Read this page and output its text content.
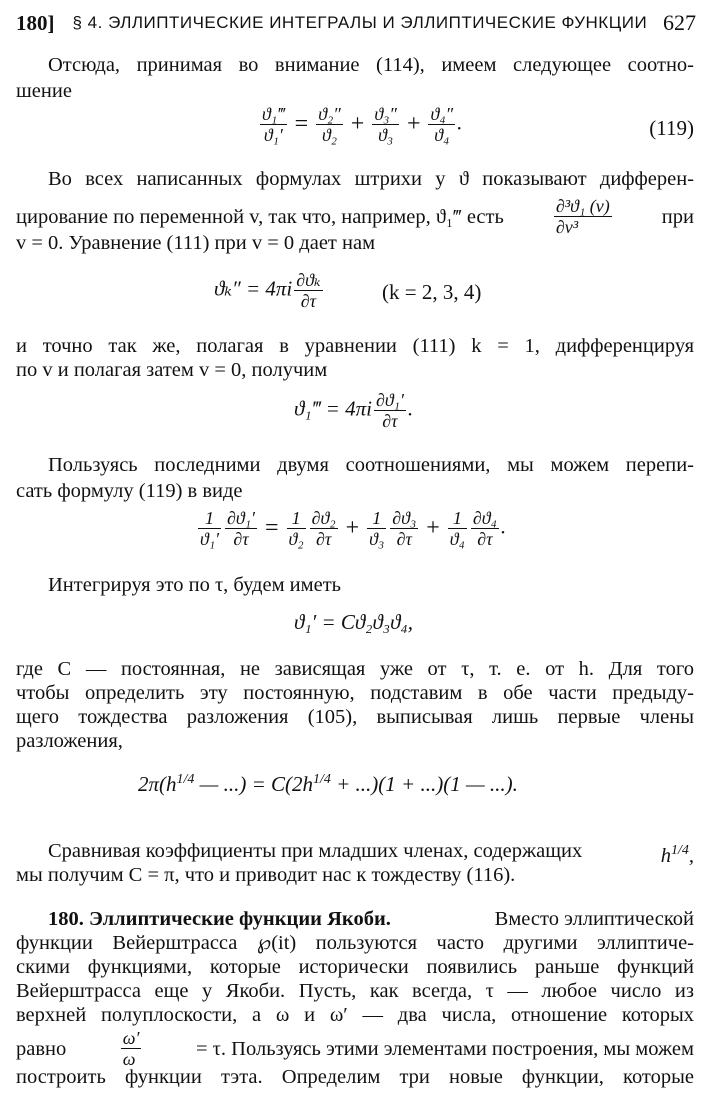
180] § 4. ЭЛЛИПТИЧЕСКИЕ ИНТЕГРАЛЫ И ЭЛЛИПТИЧЕСКИЕ ФУНКЦИИ 627
Отсюда, принимая во внимание (114), имеем следующее соотно-
шение
$\frac{\text{ϑ₁‴}}{\text{ϑ₁′}} = \frac{\text{ϑ₂″}}{\text{ϑ₂}} + \frac{\text{ϑ₃″}}{\text{ϑ₃}} + \frac{\text{ϑ₄″}}{\text{ϑ₄}}$ .	(119)
Во всех написанных формулах штрихи у ϑ показывают дифферен-
цирование по переменной v, так что, например, ϑ₁‴ есть	$\frac{\text{∂³ϑ₁ (v)}}{\text{∂v³}}$ при
v = 0. Уравнение (111) при v = 0 дает нам
$ϑ_k'' = 4\pi i \frac{\text{∂ϑₖ}}{\partial\tau}$	(k = 2, 3, 4)
и точно так же, полагая в уравнении (111) k = 1, дифференцируя
по v и полагая затем v = 0, получим
ϑ₁‴ = $4\pi i \frac{\text{∂ϑ₁′}}{\partial\tau}$ .
Пользуясь последними двумя соотношениями, мы можем перепи-
сать формулу (119) в виде
$\frac{1}{\text{ϑ₁′}} \frac{\text{∂ϑ₁′}}{\partial\tau} = \frac{1}{\text{ϑ₂}} \frac{\text{∂ϑ₂}}{\partial\tau} + \frac{1}{\text{ϑ₃}} \frac{\text{∂ϑ₃}}{\partial\tau} + \frac{1}{\text{ϑ₄}} \frac{\text{∂ϑ₄}}{\partial\tau}$ .
Интегрируя это по τ, будем иметь
ϑ₁′ = Cϑ₂ϑ₃ϑ₄,
где C — постоянная, не зависящая уже от τ, т. е. от h. Для того
чтобы определить эту постоянную, подставим в обе части предыду-
щего тождества разложения (105), выписывая лишь первые члены
разложения,
$2\pi(h^{1/4}$ — ...) = $C(2h^{1/4} + ...)(1 + ...)(1$ — ...).
Сравнивая коэффициенты при младших членах, содержащих	$h^{1/4}$,
мы получим C = π, что и приводит нас к тождеству (116).
180. Эллиптические функции Якоби.	Вместо эллиптической
функции Вейерштрасса ℘(it) пользуются часто другими эллиптиче-
скими функциями, которые исторически появились раньше функций
Вейерштрасса еще у Якоби. Пусть, как всегда, τ — любое число из
верхней полуплоскости, а ω и ω′ — два числа, отношение которых
равно	$\frac{\omega'}{\omega}$	= τ. Пользуясь этими элементами построения, мы можем
построить функции тэта. Определим три новые функции, которые
